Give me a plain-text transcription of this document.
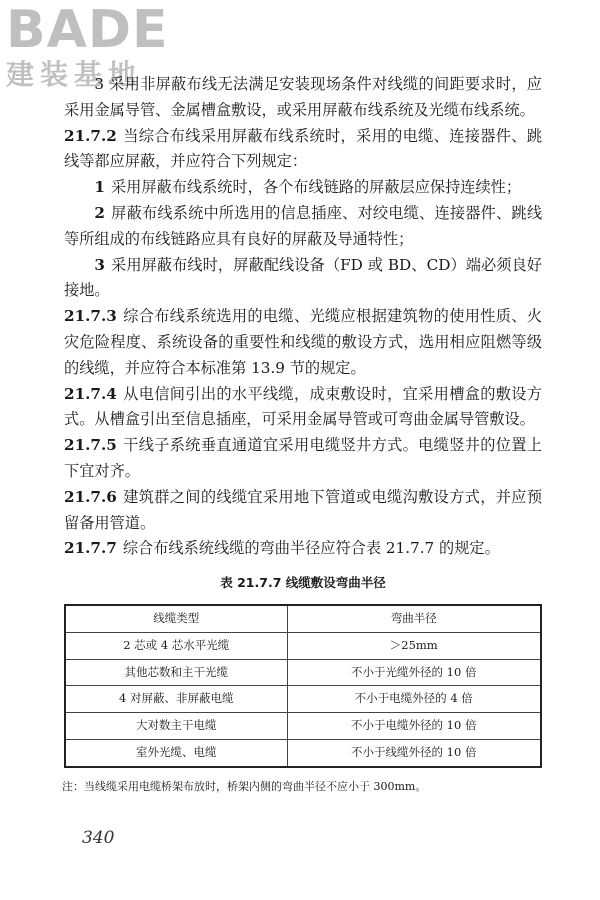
BADE
建装基地

3 采用非屏蔽布线无法满足安装现场条件对线缆的间距要求时，应采用金属导管、金属槽盒敷设，或采用屏蔽布线系统及光缆布线系统。

21.7.2 当综合布线采用屏蔽布线系统时，采用的电缆、连接器件、跳线等都应屏蔽，并应符合下列规定：

1 采用屏蔽布线系统时，各个布线链路的屏蔽层应保持连续性；

2 屏蔽布线系统中所选用的信息插座、对绞电缆、连接器件、跳线等所组成的布线链路应具有良好的屏蔽及导通特性；

3 采用屏蔽布线时，屏蔽配线设备（FD 或 BD、CD）端必须良好接地。

21.7.3 综合布线系统选用的电缆、光缆应根据建筑物的使用性质、火灾危险程度、系统设备的重要性和线缆的敷设方式，选用相应阻燃等级的线缆，并应符合本标准第 13.9 节的规定。

21.7.4 从电信间引出的水平线缆，成束敷设时，宜采用槽盒的敷设方式。从槽盒引出至信息插座，可采用金属导管或可弯曲金属导管敷设。

21.7.5 干线子系统垂直通道宜采用电缆竖井方式。电缆竖井的位置上下宜对齐。

21.7.6 建筑群之间的线缆宜采用地下管道或电缆沟敷设方式，并应预留备用管道。

21.7.7 综合布线系统线缆的弯曲半径应符合表 21.7.7 的规定。

表 21.7.7 线缆敷设弯曲半径
线缆类型	弯曲半径
2 芯或 4 芯水平光缆	＞25mm
其他芯数和主干光缆	不小于光缆外径的 10 倍
4 对屏蔽、非屏蔽电缆	不小于电缆外径的 4 倍
大对数主干电缆	不小于电缆外径的 10 倍
室外光缆、电缆	不小于线缆外径的 10 倍
注：当线缆采用电缆桥架布放时，桥架内侧的弯曲半径不应小于 300mm。
340
